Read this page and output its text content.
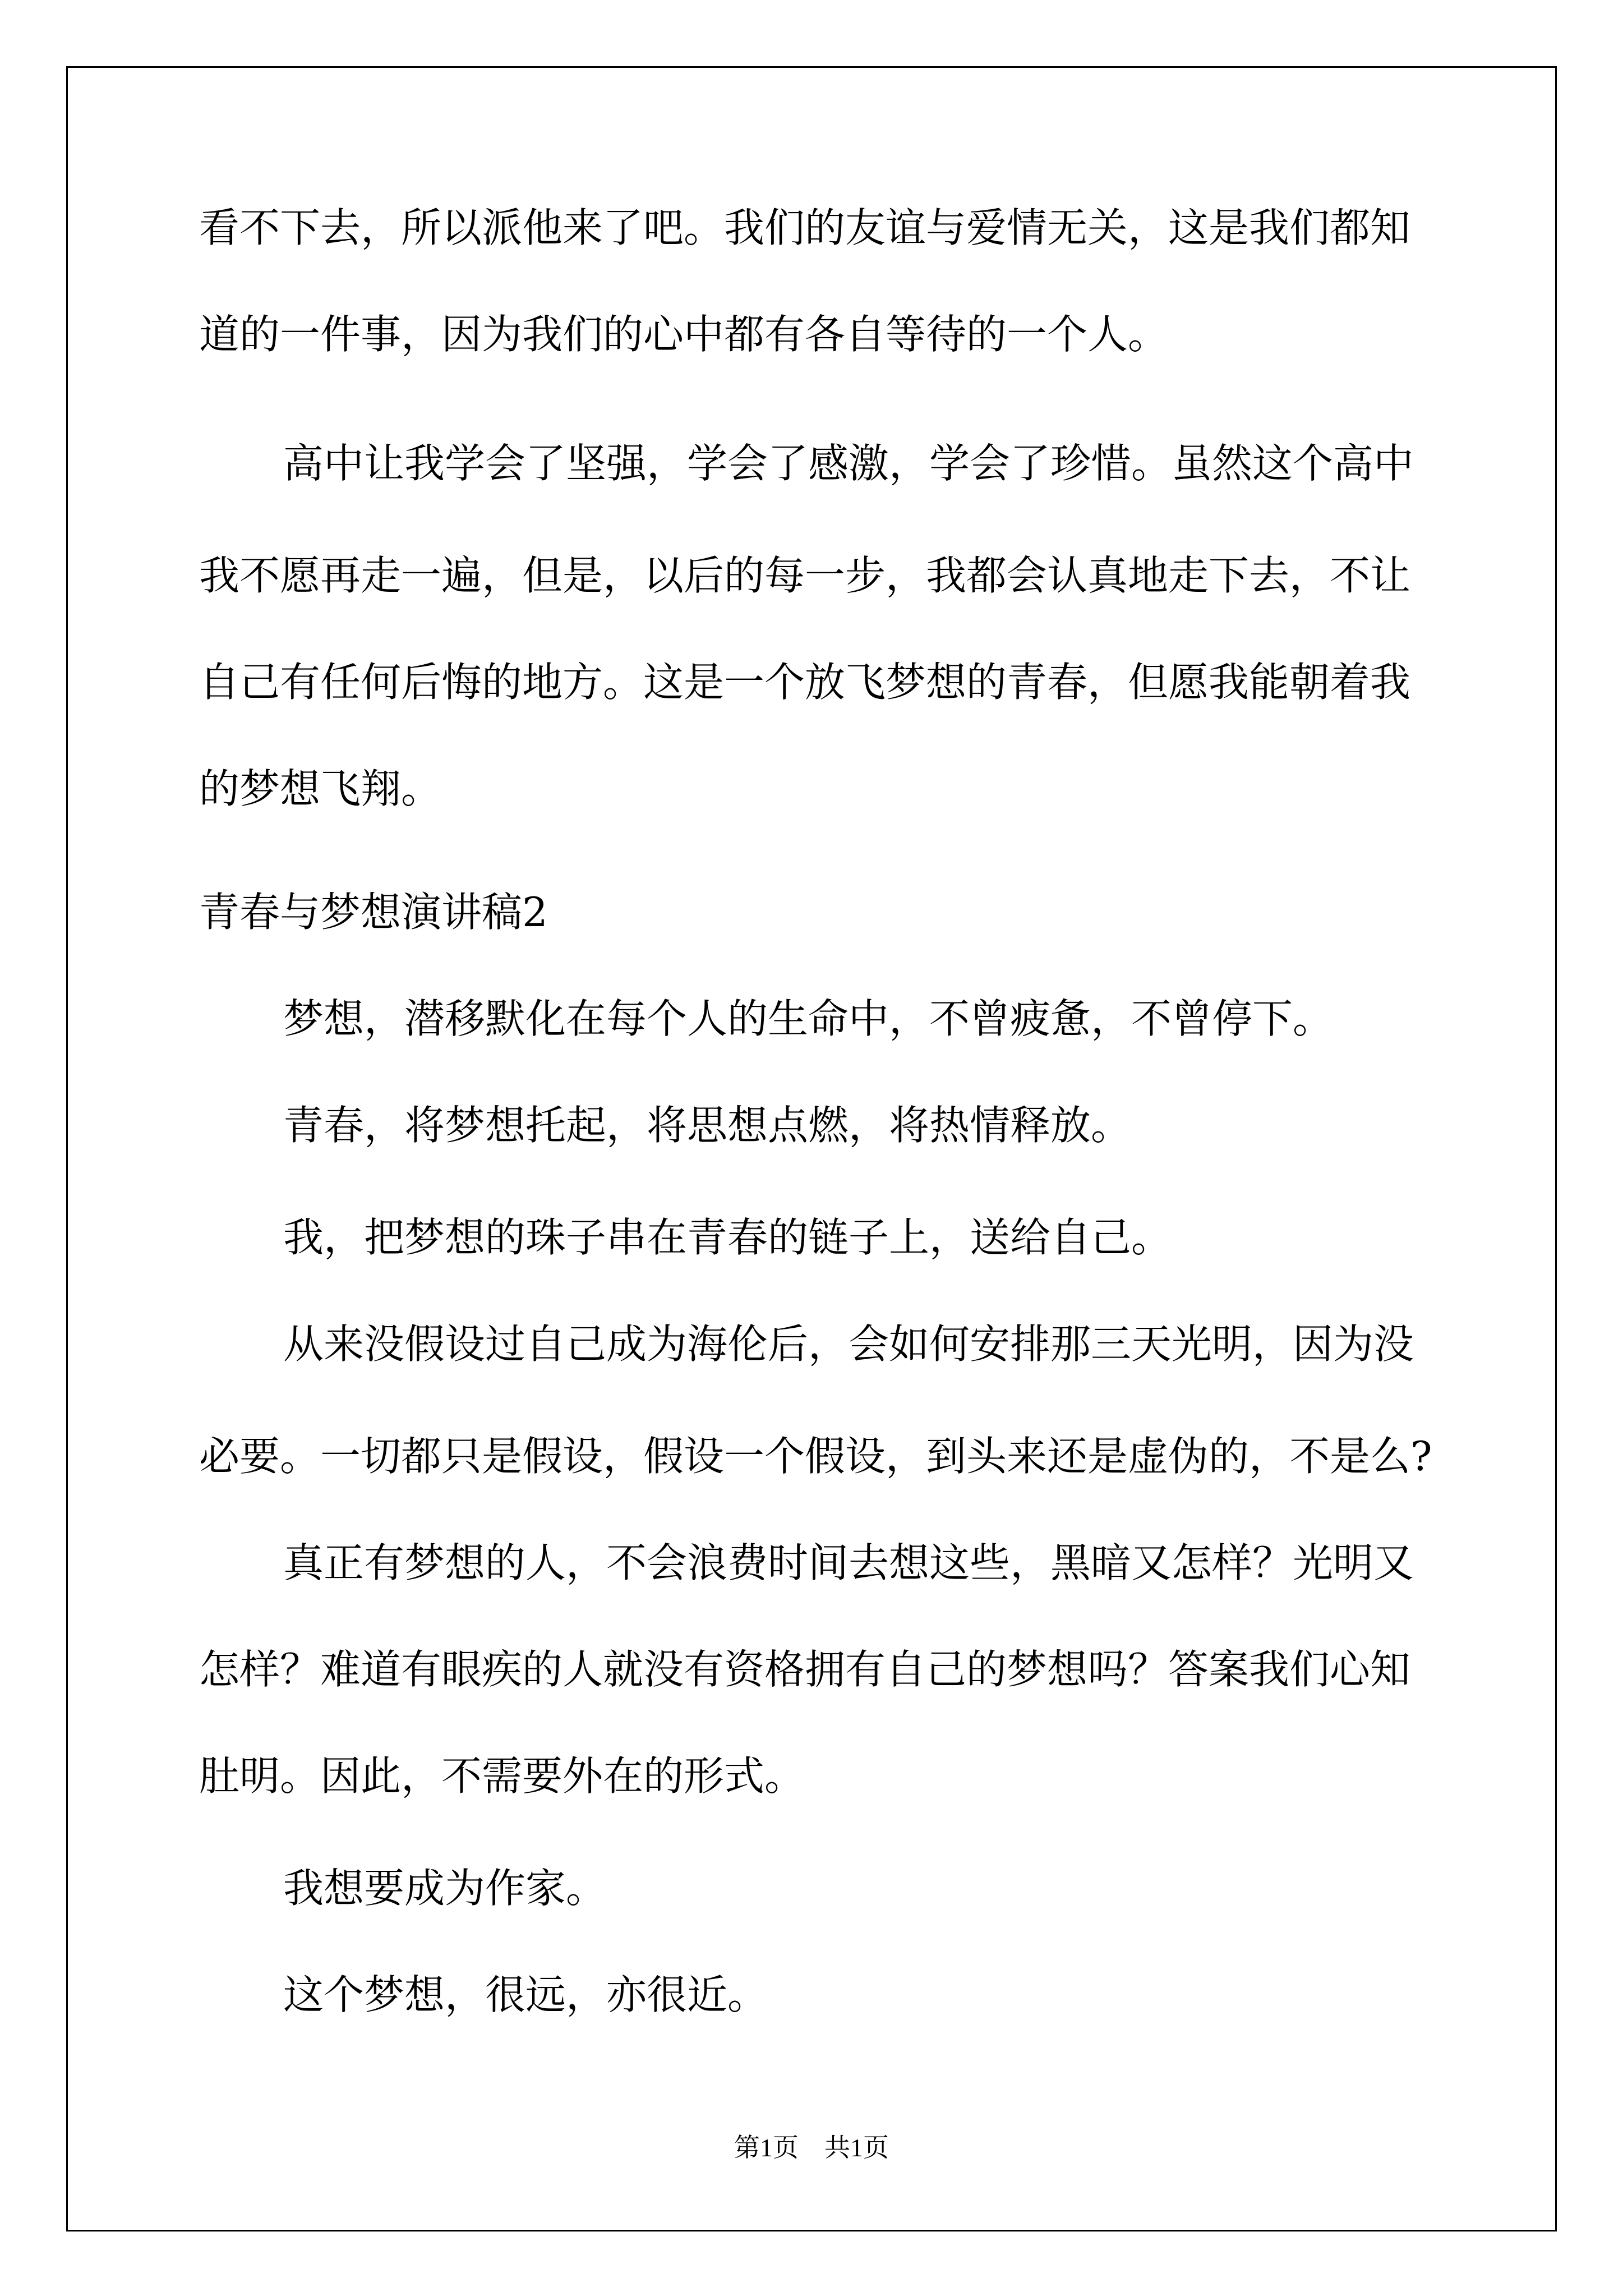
看不下去，所以派他来了吧。我们的友谊与爱情无关，这是我们都知
道的一件事，因为我们的心中都有各自等待的一个人。
高中让我学会了坚强，学会了感激，学会了珍惜。虽然这个高中
我不愿再走一遍，但是，以后的每一步，我都会认真地走下去，不让
自己有任何后悔的地方。这是一个放飞梦想的青春，但愿我能朝着我
的梦想飞翔。
青春与梦想演讲稿2
梦想，潜移默化在每个人的生命中，不曾疲惫，不曾停下。
青春，将梦想托起，将思想点燃，将热情释放。
我，把梦想的珠子串在青春的链子上，送给自己。
从来没假设过自己成为海伦后，会如何安排那三天光明，因为没
必要。一切都只是假设，假设一个假设，到头来还是虚伪的，不是么?
真正有梦想的人，不会浪费时间去想这些，黑暗又怎样？光明又
怎样？难道有眼疾的人就没有资格拥有自己的梦想吗？答案我们心知
肚明。因此，不需要外在的形式。
我想要成为作家。
这个梦想，很远，亦很近。
第1页　共1页
